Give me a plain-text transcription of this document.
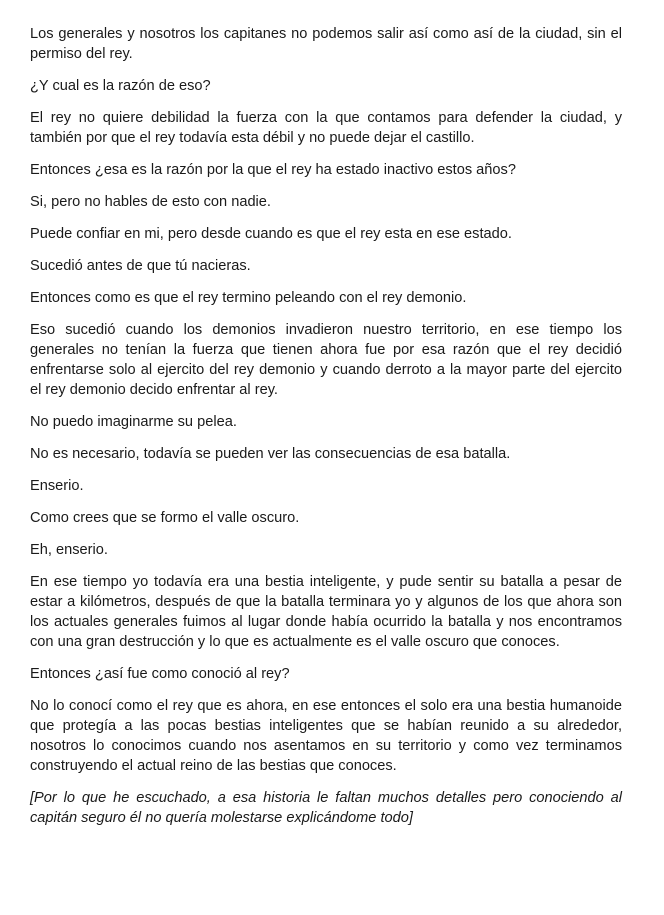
Los generales y nosotros los capitanes no podemos salir así como así de la ciudad, sin el permiso del rey.

¿Y cual es la razón de eso?

El rey no quiere debilidad la fuerza con la que contamos para defender la ciudad, y también por que el rey todavía esta débil y no puede dejar el castillo.

Entonces ¿esa es la razón por la que el rey ha estado inactivo estos años?

Si, pero no hables de esto con nadie.

Puede confiar en mi, pero desde cuando es que el rey esta en ese estado.

Sucedió antes de que tú nacieras.

Entonces como es que el rey termino peleando con el rey demonio.

Eso sucedió cuando los demonios invadieron nuestro territorio, en ese tiempo los generales no tenían la fuerza que tienen ahora fue por esa razón que el rey decidió enfrentarse solo al ejercito del rey demonio y cuando derroto a la mayor parte del ejercito el rey demonio decido enfrentar al rey.

No puedo imaginarme su pelea.

No es necesario, todavía se pueden ver las consecuencias de esa batalla.

Enserio.

Como crees que se formo el valle oscuro.

Eh, enserio.

En ese tiempo yo todavía era una bestia inteligente, y pude sentir su batalla a pesar de estar a kilómetros, después de que la batalla terminara yo y algunos de los que ahora son los actuales generales fuimos al lugar donde había ocurrido la batalla y nos encontramos con una gran destrucción y lo que es actualmente es el valle oscuro que conoces.

Entonces ¿así fue como conoció al rey?

No lo conocí como el rey que es ahora, en ese entonces el solo era una bestia humanoide que protegía a las pocas bestias inteligentes que se habían reunido a su alrededor, nosotros lo conocimos cuando nos asentamos en su territorio y como vez terminamos construyendo el actual reino de las bestias que conoces.

[Por lo que he escuchado, a esa historia le faltan muchos detalles pero conociendo al capitán seguro él no quería molestarse explicándome todo]
